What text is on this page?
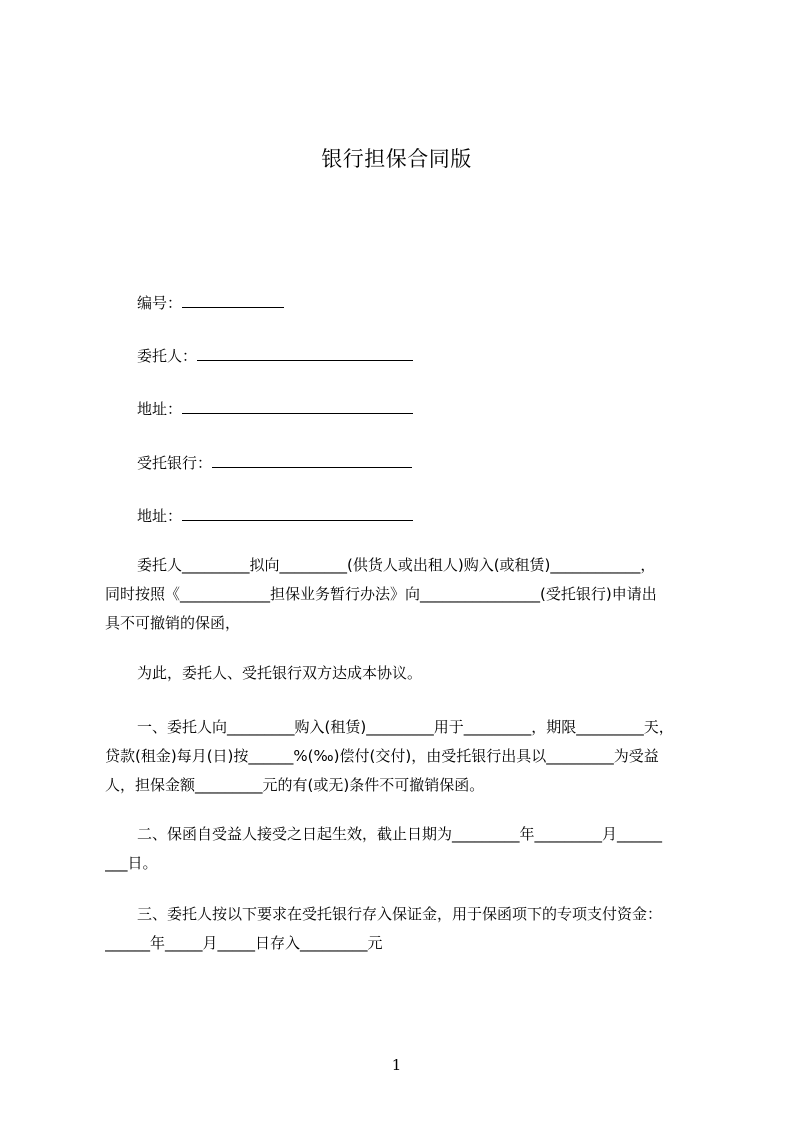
银行担保合同版
编号：
委托人：
地址：
受托银行：
地址：
委托人_________拟向_________(供货人或出租人)购入(或租赁)____________，
同时按照《____________担保业务暂行办法》向________________(受托银行)申请出
具不可撤销的保函，
为此，委托人、受托银行双方达成本协议。
一、委托人向_________购入(租赁)_________用于_________，期限_________天，
贷款(租金)每月(日)按______%(‰)偿付(交付)，由受托银行出具以_________为受益
人，担保金额_________元的有(或无)条件不可撤销保函。
二、保函自受益人接受之日起生效，截止日期为_________年_________月______
___日。
三、委托人按以下要求在受托银行存入保证金，用于保函项下的专项支付资金：
______年_____月_____日存入_________元
1
